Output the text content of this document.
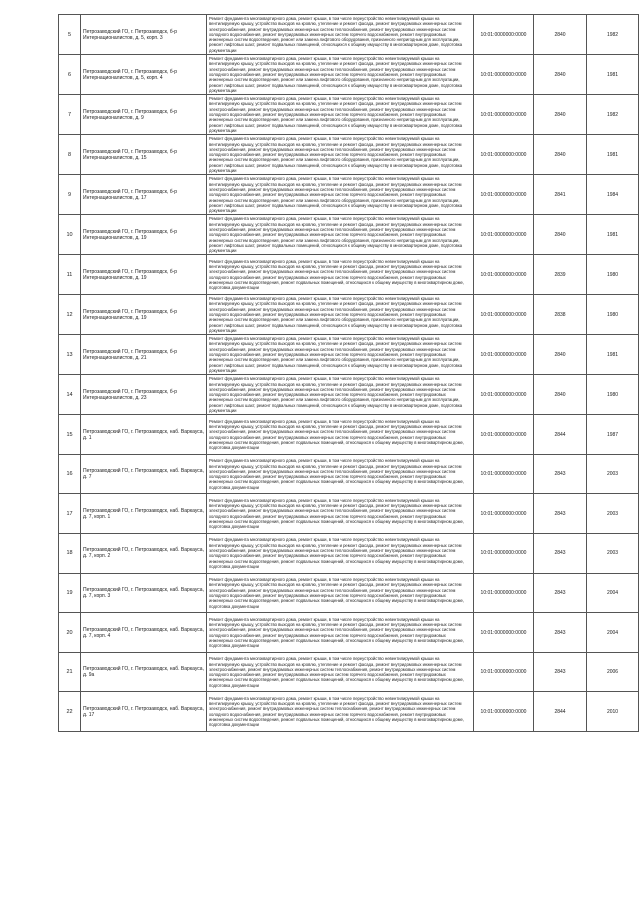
5	Петрозаводский ГО, г. Петрозаводск, б-р Интернационалистов, д. 5, корп. 3	Ремонт фундамента многоквартирного дома, ремонт крыши, в том числе переустройство невентилируемой крыши на вентилируемую крышу, устройство выходов на кровлю, утепление и ремонт фасада, ремонт внутридомовых инженерных систем электроснабжения, ремонт внутридомовых инженерных систем теплоснабжения, ремонт внутридомовых инженерных систем холодного водоснабжения, ремонт внутридомовых инженерных систем горячего водоснабжения, ремонт внутридомовых инженерных систем водоотведения, ремонт или замена лифтового оборудования, признанного непригодным для эксплуатации, ремонт лифтовых шахт, ремонт подвальных помещений, относящихся к общему имуществу в многоквартирном доме, подготовка документации	10:01:0000000:0000	2840	1982
6	Петрозаводский ГО, г. Петрозаводск, б-р Интернационалистов, д. 5, корп. 4	Ремонт фундамента многоквартирного дома, ремонт крыши, в том числе переустройство невентилируемой крыши на вентилируемую крышу, устройство выходов на кровлю, утепление и ремонт фасада, ремонт внутридомовых инженерных систем электроснабжения, ремонт внутридомовых инженерных систем теплоснабжения, ремонт внутридомовых инженерных систем холодного водоснабжения, ремонт внутридомовых инженерных систем горячего водоснабжения, ремонт внутридомовых инженерных систем водоотведения, ремонт или замена лифтового оборудования, признанного непригодным для эксплуатации, ремонт лифтовых шахт, ремонт подвальных помещений, относящихся к общему имуществу в многоквартирном доме, подготовка документации	10:01:0000000:0000	2840	1981
7	Петрозаводский ГО, г. Петрозаводск, б-р Интернационалистов, д. 9	Ремонт фундамента многоквартирного дома, ремонт крыши, в том числе переустройство невентилируемой крыши на вентилируемую крышу, устройство выходов на кровлю, утепление и ремонт фасада, ремонт внутридомовых инженерных систем электроснабжения, ремонт внутридомовых инженерных систем теплоснабжения, ремонт внутридомовых инженерных систем холодного водоснабжения, ремонт внутридомовых инженерных систем горячего водоснабжения, ремонт внутридомовых инженерных систем водоотведения, ремонт или замена лифтового оборудования, признанного непригодным для эксплуатации, ремонт лифтовых шахт, ремонт подвальных помещений, относящихся к общему имуществу в многоквартирном доме, подготовка документации	10:01:0000000:0000	2840	1982
8	Петрозаводский ГО, г. Петрозаводск, б-р Интернационалистов, д. 15	Ремонт фундамента многоквартирного дома, ремонт крыши, в том числе переустройство невентилируемой крыши на вентилируемую крышу, устройство выходов на кровлю, утепление и ремонт фасада, ремонт внутридомовых инженерных систем электроснабжения, ремонт внутридомовых инженерных систем теплоснабжения, ремонт внутридомовых инженерных систем холодного водоснабжения, ремонт внутридомовых инженерных систем горячего водоснабжения, ремонт внутридомовых инженерных систем водоотведения, ремонт или замена лифтового оборудования, признанного непригодным для эксплуатации, ремонт лифтовых шахт, ремонт подвальных помещений, относящихся к общему имуществу в многоквартирном доме, подготовка документации	10:01:0000000:0000	2840	1981
9	Петрозаводский ГО, г. Петрозаводск, б-р Интернационалистов, д. 17	Ремонт фундамента многоквартирного дома, ремонт крыши, в том числе переустройство невентилируемой крыши на вентилируемую крышу, устройство выходов на кровлю, утепление и ремонт фасада, ремонт внутридомовых инженерных систем электроснабжения, ремонт внутридомовых инженерных систем теплоснабжения, ремонт внутридомовых инженерных систем холодного водоснабжения, ремонт внутридомовых инженерных систем горячего водоснабжения, ремонт внутридомовых инженерных систем водоотведения, ремонт или замена лифтового оборудования, признанного непригодным для эксплуатации, ремонт лифтовых шахт, ремонт подвальных помещений, относящихся к общему имуществу в многоквартирном доме, подготовка документации	10:01:0000000:0000	2841	1984
10	Петрозаводский ГО, г. Петрозаводск, б-р Интернационалистов, д. 19	Ремонт фундамента многоквартирного дома, ремонт крыши, в том числе переустройство невентилируемой крыши на вентилируемую крышу, устройство выходов на кровлю, утепление и ремонт фасада, ремонт внутридомовых инженерных систем электроснабжения, ремонт внутридомовых инженерных систем теплоснабжения, ремонт внутридомовых инженерных систем холодного водоснабжения, ремонт внутридомовых инженерных систем горячего водоснабжения, ремонт внутридомовых инженерных систем водоотведения, ремонт или замена лифтового оборудования, признанного непригодным для эксплуатации, ремонт лифтовых шахт, ремонт подвальных помещений, относящихся к общему имуществу в многоквартирном доме, подготовка документации	10:01:0000000:0000	2840	1981
11	Петрозаводский ГО, г. Петрозаводск, б-р Интернационалистов, д. 19	Ремонт фундамента многоквартирного дома, ремонт крыши, в том числе переустройство невентилируемой крыши на вентилируемую крышу, устройство выходов на кровлю, утепление и ремонт фасада, ремонт внутридомовых инженерных систем электроснабжения, ремонт внутридомовых инженерных систем теплоснабжения, ремонт внутридомовых инженерных систем холодного водоснабжения, ремонт внутридомовых инженерных систем горячего водоснабжения, ремонт внутридомовых инженерных систем водоотведения, ремонт подвальных помещений, относящихся к общему имуществу в многоквартирном доме, подготовка документации	10:01:0000000:0000	2839	1980
12	Петрозаводский ГО, г. Петрозаводск, б-р Интернационалистов, д. 19	Ремонт фундамента многоквартирного дома, ремонт крыши, в том числе переустройство невентилируемой крыши на вентилируемую крышу, устройство выходов на кровлю, утепление и ремонт фасада, ремонт внутридомовых инженерных систем электроснабжения, ремонт внутридомовых инженерных систем теплоснабжения, ремонт внутридомовых инженерных систем холодного водоснабжения, ремонт внутридомовых инженерных систем горячего водоснабжения, ремонт внутридомовых инженерных систем водоотведения, ремонт или замена лифтового оборудования, признанного непригодным для эксплуатации, ремонт лифтовых шахт, ремонт подвальных помещений, относящихся к общему имуществу в многоквартирном доме, подготовка документации	10:01:0000000:0000	2838	1980
13	Петрозаводский ГО, г. Петрозаводск, б-р Интернационалистов, д. 21	Ремонт фундамента многоквартирного дома, ремонт крыши, в том числе переустройство невентилируемой крыши на вентилируемую крышу, устройство выходов на кровлю, утепление и ремонт фасада, ремонт внутридомовых инженерных систем электроснабжения, ремонт внутридомовых инженерных систем теплоснабжения, ремонт внутридомовых инженерных систем холодного водоснабжения, ремонт внутридомовых инженерных систем горячего водоснабжения, ремонт внутридомовых инженерных систем водоотведения, ремонт или замена лифтового оборудования, признанного непригодным для эксплуатации, ремонт лифтовых шахт, ремонт подвальных помещений, относящихся к общему имуществу в многоквартирном доме, подготовка документации	10:01:0000000:0000	2840	1981
14	Петрозаводский ГО, г. Петрозаводск, б-р Интернационалистов, д. 23	Ремонт фундамента многоквартирного дома, ремонт крыши, в том числе переустройство невентилируемой крыши на вентилируемую крышу, устройство выходов на кровлю, утепление и ремонт фасада, ремонт внутридомовых инженерных систем электроснабжения, ремонт внутридомовых инженерных систем теплоснабжения, ремонт внутридомовых инженерных систем холодного водоснабжения, ремонт внутридомовых инженерных систем горячего водоснабжения, ремонт внутридомовых инженерных систем водоотведения, ремонт или замена лифтового оборудования, признанного непригодным для эксплуатации, ремонт лифтовых шахт, ремонт подвальных помещений, относящихся к общему имуществу в многоквартирном доме, подготовка документации	10:01:0000000:0000	2840	1980
15	Петрозаводский ГО, г. Петрозаводск, наб. Варкауса, д. 1	Ремонт фундамента многоквартирного дома, ремонт крыши, в том числе переустройство невентилируемой крыши на вентилируемую крышу, устройство выходов на кровлю, утепление и ремонт фасада, ремонт внутридомовых инженерных систем электроснабжения, ремонт внутридомовых инженерных систем теплоснабжения, ремонт внутридомовых инженерных систем холодного водоснабжения, ремонт внутридомовых инженерных систем горячего водоснабжения, ремонт внутридомовых инженерных систем водоотведения, ремонт подвальных помещений, относящихся к общему имуществу в многоквартирном доме, подготовка документации	10:01:0000000:0000	2844	1987
16	Петрозаводский ГО, г. Петрозаводск, наб. Варкауса, д. 7	Ремонт фундамента многоквартирного дома, ремонт крыши, в том числе переустройство невентилируемой крыши на вентилируемую крышу, устройство выходов на кровлю, утепление и ремонт фасада, ремонт внутридомовых инженерных систем электроснабжения, ремонт внутридомовых инженерных систем теплоснабжения, ремонт внутридомовых инженерных систем холодного водоснабжения, ремонт внутридомовых инженерных систем горячего водоснабжения, ремонт внутридомовых инженерных систем водоотведения, ремонт подвальных помещений, относящихся к общему имуществу в многоквартирном доме, подготовка документации	10:01:0000000:0000	2843	2003
17	Петрозаводский ГО, г. Петрозаводск, наб. Варкауса, д. 7, корп. 1	Ремонт фундамента многоквартирного дома, ремонт крыши, в том числе переустройство невентилируемой крыши на вентилируемую крышу, устройство выходов на кровлю, утепление и ремонт фасада, ремонт внутридомовых инженерных систем электроснабжения, ремонт внутридомовых инженерных систем теплоснабжения, ремонт внутридомовых инженерных систем холодного водоснабжения, ремонт внутридомовых инженерных систем горячего водоснабжения, ремонт внутридомовых инженерных систем водоотведения, ремонт подвальных помещений, относящихся к общему имуществу в многоквартирном доме, подготовка документации	10:01:0000000:0000	2843	2003
18	Петрозаводский ГО, г. Петрозаводск, наб. Варкауса, д. 7, корп. 2	Ремонт фундамента многоквартирного дома, ремонт крыши, в том числе переустройство невентилируемой крыши на вентилируемую крышу, устройство выходов на кровлю, утепление и ремонт фасада, ремонт внутридомовых инженерных систем электроснабжения, ремонт внутридомовых инженерных систем теплоснабжения, ремонт внутридомовых инженерных систем холодного водоснабжения, ремонт внутридомовых инженерных систем горячего водоснабжения, ремонт внутридомовых инженерных систем водоотведения, ремонт подвальных помещений, относящихся к общему имуществу в многоквартирном доме, подготовка документации	10:01:0000000:0000	2843	2003
19	Петрозаводский ГО, г. Петрозаводск, наб. Варкауса, д. 7, корп. 3	Ремонт фундамента многоквартирного дома, ремонт крыши, в том числе переустройство невентилируемой крыши на вентилируемую крышу, устройство выходов на кровлю, утепление и ремонт фасада, ремонт внутридомовых инженерных систем электроснабжения, ремонт внутридомовых инженерных систем теплоснабжения, ремонт внутридомовых инженерных систем холодного водоснабжения, ремонт внутридомовых инженерных систем горячего водоснабжения, ремонт внутридомовых инженерных систем водоотведения, ремонт подвальных помещений, относящихся к общему имуществу в многоквартирном доме, подготовка документации	10:01:0000000:0000	2843	2004
20	Петрозаводский ГО, г. Петрозаводск, наб. Варкауса, д. 7, корп. 4	Ремонт фундамента многоквартирного дома, ремонт крыши, в том числе переустройство невентилируемой крыши на вентилируемую крышу, устройство выходов на кровлю, утепление и ремонт фасада, ремонт внутридомовых инженерных систем электроснабжения, ремонт внутридомовых инженерных систем теплоснабжения, ремонт внутридомовых инженерных систем холодного водоснабжения, ремонт внутридомовых инженерных систем горячего водоснабжения, ремонт внутридомовых инженерных систем водоотведения, ремонт подвальных помещений, относящихся к общему имуществу в многоквартирном доме, подготовка документации	10:01:0000000:0000	2843	2004
21	Петрозаводский ГО, г. Петрозаводск, наб. Варкауса, д. 9а	Ремонт фундамента многоквартирного дома, ремонт крыши, в том числе переустройство невентилируемой крыши на вентилируемую крышу, устройство выходов на кровлю, утепление и ремонт фасада, ремонт внутридомовых инженерных систем электроснабжения, ремонт внутридомовых инженерных систем теплоснабжения, ремонт внутридомовых инженерных систем холодного водоснабжения, ремонт внутридомовых инженерных систем горячего водоснабжения, ремонт внутридомовых инженерных систем водоотведения, ремонт подвальных помещений, относящихся к общему имуществу в многоквартирном доме, подготовка документации	10:01:0000000:0000	2843	2006
22	Петрозаводский ГО, г. Петрозаводск, наб. Варкауса, д. 17	Ремонт фундамента многоквартирного дома, ремонт крыши, в том числе переустройство невентилируемой крыши на вентилируемую крышу, устройство выходов на кровлю, утепление и ремонт фасада, ремонт внутридомовых инженерных систем электроснабжения, ремонт внутридомовых инженерных систем теплоснабжения, ремонт внутридомовых инженерных систем холодного водоснабжения, ремонт внутридомовых инженерных систем горячего водоснабжения, ремонт внутридомовых инженерных систем водоотведения, ремонт подвальных помещений, относящихся к общему имуществу в многоквартирном доме, подготовка документации	10:01:0000000:0000	2844	2010
